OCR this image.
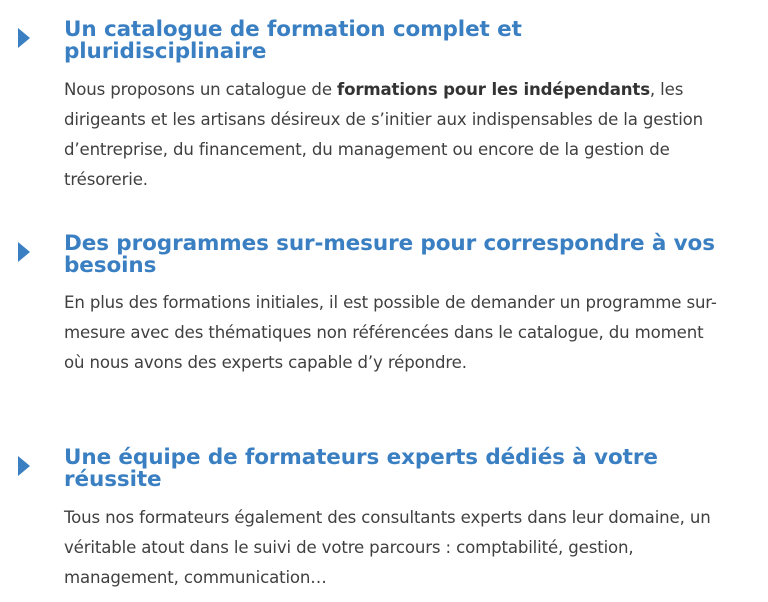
Un catalogue de formation complet et pluridisciplinaire

Nous proposons un catalogue de formations pour les indépendants, les dirigeants et les artisans désireux de s’initier aux indispensables de la gestion d’entreprise, du financement, du management ou encore de la gestion de trésorerie.

Des programmes sur-mesure pour correspondre à vos besoins

En plus des formations initiales, il est possible de demander un programme sur-mesure avec des thématiques non référencées dans le catalogue, du moment où nous avons des experts capable d’y répondre.

Une équipe de formateurs experts dédiés à votre réussite

Tous nos formateurs également des consultants experts dans leur domaine, un véritable atout dans le suivi de votre parcours : comptabilité, gestion, management, communication…
